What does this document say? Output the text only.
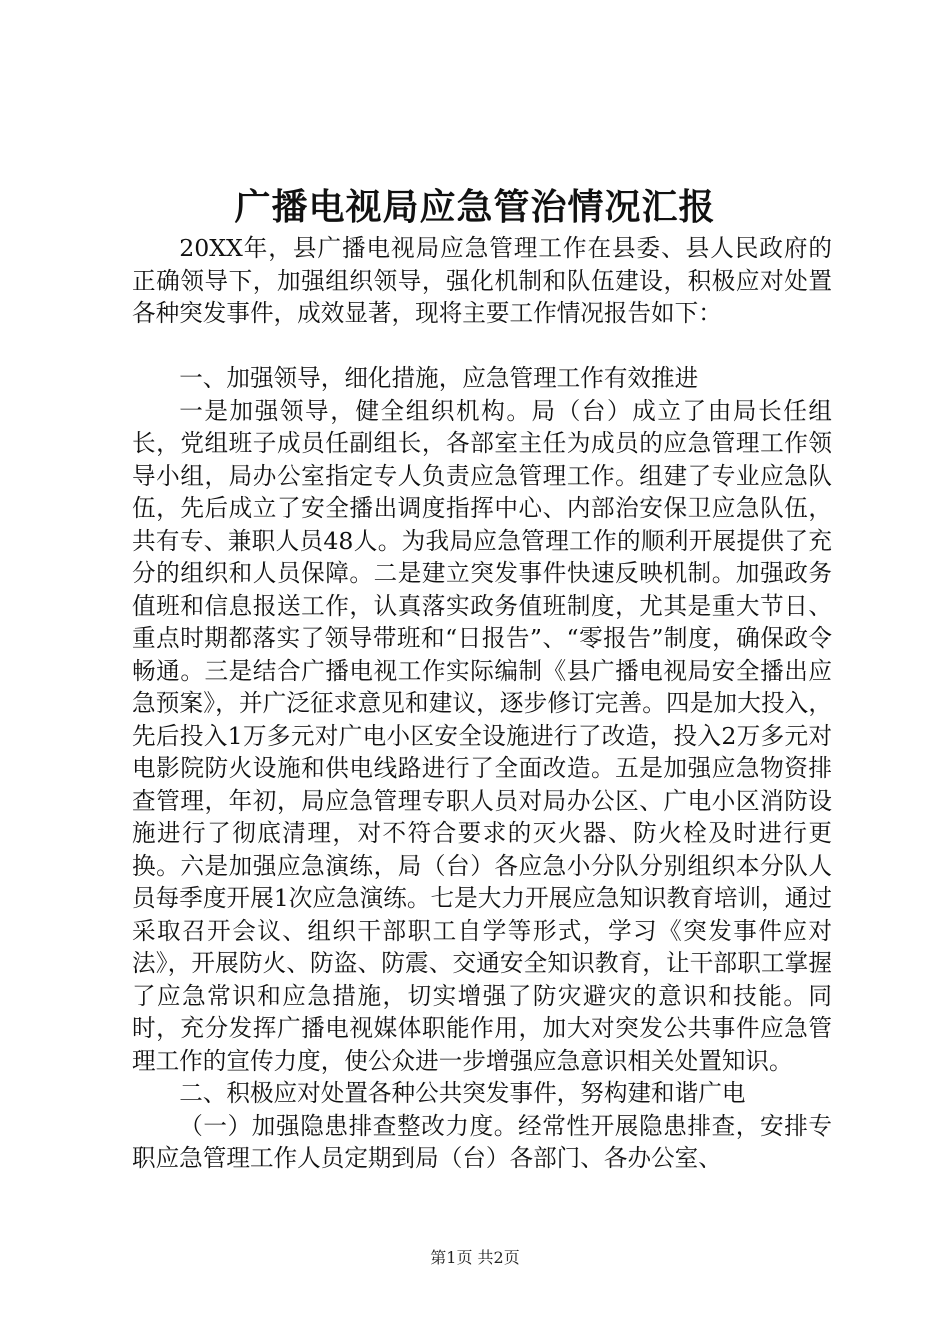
广播电视局应急管治情况汇报

20XX年，县广播电视局应急管理工作在县委、县人民政府的正确领导下，加强组织领导，强化机制和队伍建设，积极应对处置各种突发事件，成效显著，现将主要工作情况报告如下：

一、加强领导，细化措施，应急管理工作有效推进

一是加强领导，健全组织机构。局（台）成立了由局长任组长，党组班子成员任副组长，各部室主任为成员的应急管理工作领导小组，局办公室指定专人负责应急管理工作。组建了专业应急队伍，先后成立了安全播出调度指挥中心、内部治安保卫应急队伍，共有专、兼职人员48人。为我局应急管理工作的顺利开展提供了充分的组织和人员保障。二是建立突发事件快速反映机制。加强政务值班和信息报送工作，认真落实政务值班制度，尤其是重大节日、重点时期都落实了领导带班和“日报告”、“零报告”制度，确保政令畅通。三是结合广播电视工作实际编制《县广播电视局安全播出应急预案》，并广泛征求意见和建议，逐步修订完善。四是加大投入，先后投入1万多元对广电小区安全设施进行了改造，投入2万多元对电影院防火设施和供电线路进行了全面改造。五是加强应急物资排查管理，年初，局应急管理专职人员对局办公区、广电小区消防设施进行了彻底清理，对不符合要求的灭火器、防火栓及时进行更换。六是加强应急演练，局（台）各应急小分队分别组织本分队人员每季度开展1次应急演练。七是大力开展应急知识教育培训，通过采取召开会议、组织干部职工自学等形式，学习《突发事件应对法》，开展防火、防盗、防震、交通安全知识教育，让干部职工掌握了应急常识和应急措施，切实增强了防灾避灾的意识和技能。同时，充分发挥广播电视媒体职能作用，加大对突发公共事件应急管理工作的宣传力度，使公众进一步增强应急意识相关处置知识。

二、积极应对处置各种公共突发事件，努构建和谐广电

（一）加强隐患排查整改力度。经常性开展隐患排查，安排专职应急管理工作人员定期到局（台）各部门、各办公室、

第1页 共2页
